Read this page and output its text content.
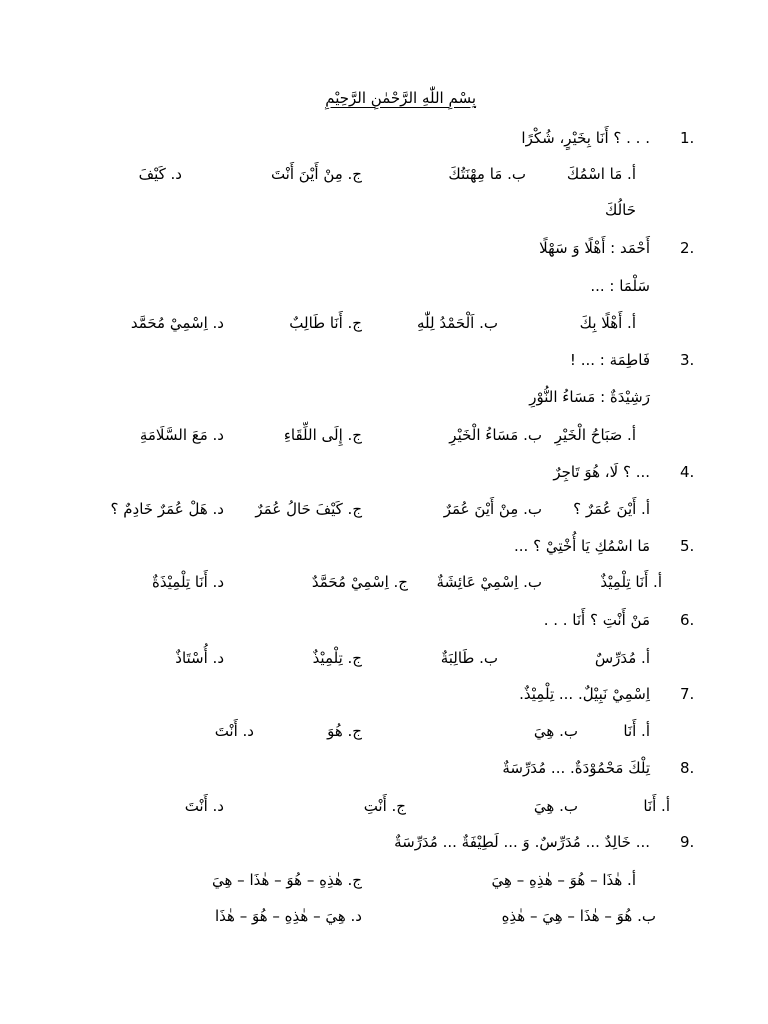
بِسْمِ اللّٰهِ الرَّحْمٰنِ الرَّحِيْمِ
1.
. . . ؟ أَنَا بِخَيْرٍ، شُكْرًا
أ. مَا اسْمُكَ
ب. مَا مِهْنَتُكَ
ج. مِنْ أَيْنَ أَنْتَ
د. كَيْفَ
حَالُكَ
2.
أَحْمَد : أَهْلًا وَ سَهْلًا
سَلْمَا : ...
أ. أَهْلًا بِكَ
ب. اَلْحَمْدُ لِلّٰهِ
ج. أَنَا طَالِبٌ
د. اِسْمِيْ مُحَمَّد
3.
فَاطِمَة : ... !
رَشِيْدَةٌ : مَسَاءُ النُّوْرِ
أ. صَبَاحُ الْخَيْرِ
ب. مَسَاءُ الْخَيْرِ
ج. إِلَى اللِّقَاءِ
د. مَعَ السَّلَامَةِ
4.
... ؟ لَا، هُوَ تَاجِرٌ
أ. أَيْنَ عُمَرٌ ؟
ب. مِنْ أَيْنَ عُمَرٌ
ج. كَيْفَ حَالُ عُمَرٌ
د. هَلْ عُمَرٌ خَادِمٌ ؟
5.
مَا اسْمُكِ يَا أُخْتِيْ ؟ ...
أ. أَنَا تِلْمِيْذٌ
ب. اِسْمِيْ عَائِشَةٌ
ج. اِسْمِيْ مُحَمَّدٌ
د. أَنَا تِلْمِيْذَةٌ
6.
مَنْ أَنْتِ ؟ أَنَا . . .
أ. مُدَرِّسٌ
ب. طَالِبَةٌ
ج. تِلْمِيْذٌ
د. أُسْتَاذٌ
7.
اِسْمِيْ نَبِيْلٌ. ... تِلْمِيْذٌ.
أ. أَنَا
ب. هِيَ
ج. هُوَ
د. أَنْتَ
8.
تِلْكَ مَحْمُوْدَةٌ. ... مُدَرِّسَةٌ
أ. أَنَا
ب. هِيَ
ج. أَنْتِ
د. أَنْتَ
9.
... خَالِدٌ ... مُدَرِّسٌ. وَ ... لَطِيْفَةٌ ... مُدَرِّسَةٌ
أ. هٰذَا – هُوَ – هٰذِهِ – هِيَ
ب. هُوَ – هٰذَا – هِيَ – هٰذِهِ
ج. هٰذِهِ – هُوَ – هٰذَا – هِيَ
د. هِيَ – هٰذِهِ – هُوَ – هٰذَا
